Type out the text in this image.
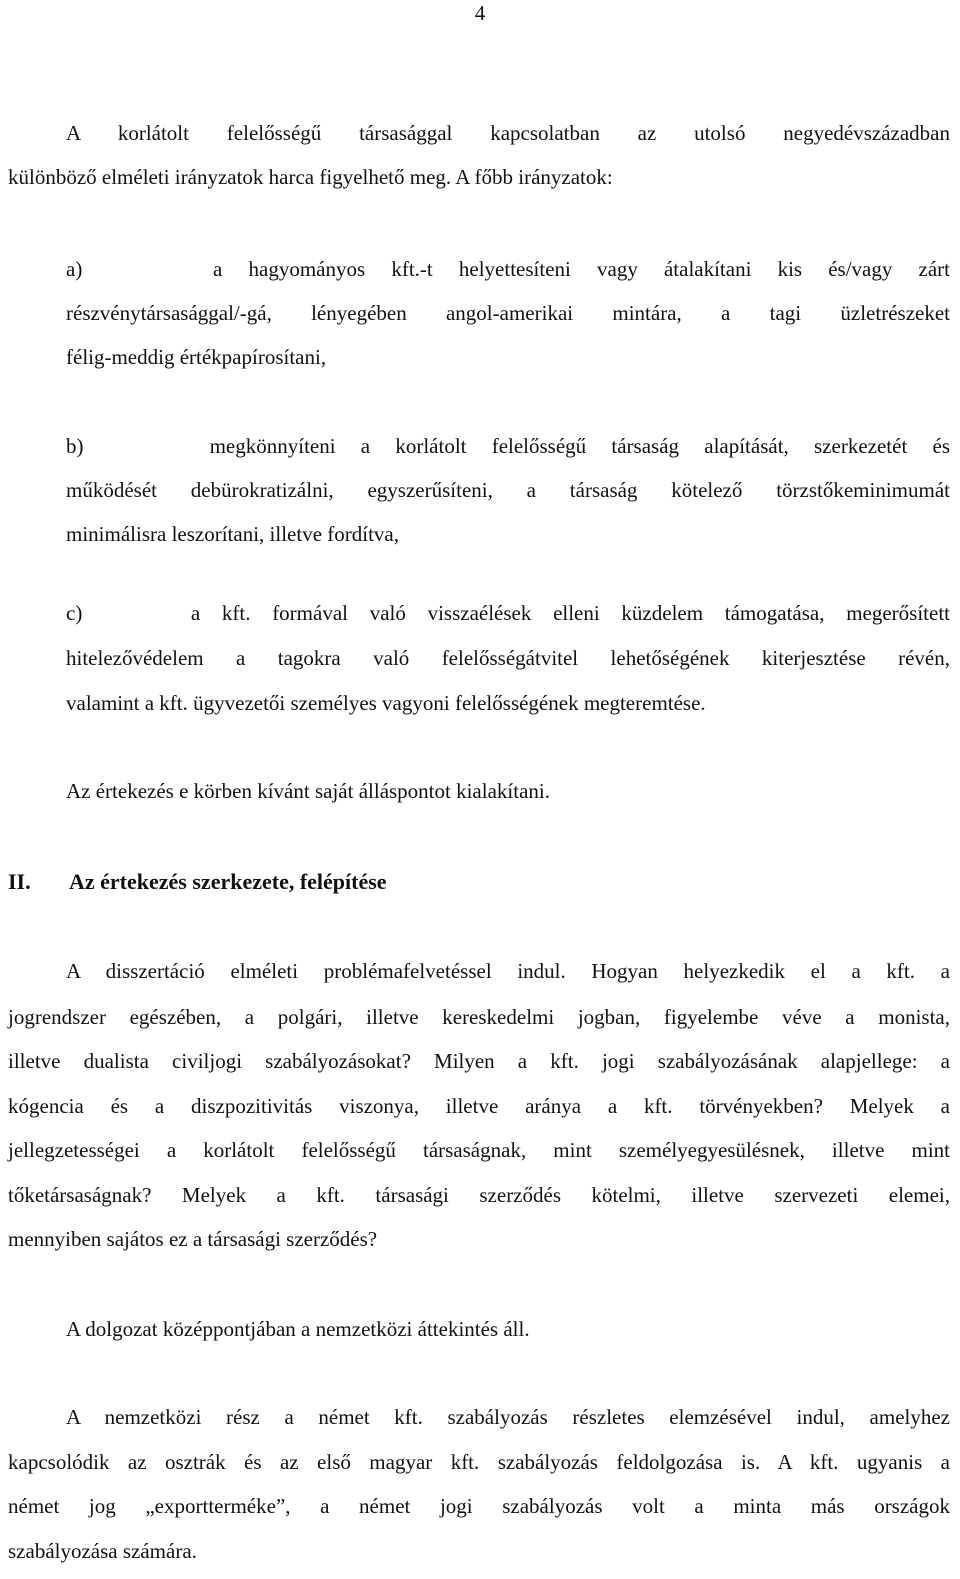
4

A korlátolt felelősségű társasággal kapcsolatban az utolsó negyedévszázadban

különböző elméleti irányzatok harca figyelhető meg. A főbb irányzatok:

a)     a hagyományos kft.-t helyettesíteni vagy átalakítani kis és/vagy zárt

részvénytársasággal/-gá, lényegében angol-amerikai mintára, a tagi üzletrészeket

félig-meddig értékpapírosítani,

b)     megkönnyíteni a korlátolt felelősségű társaság alapítását, szerkezetét és

működését debürokratizálni, egyszerűsíteni, a társaság kötelező törzstőkeminimumát

minimálisra leszorítani, illetve fordítva,

c)     a kft. formával való visszaélések elleni küzdelem támogatása, megerősített

hitelezővédelem a tagokra való felelősségátvitel lehetőségének kiterjesztése révén,

valamint a kft. ügyvezetői személyes vagyoni felelősségének megteremtése.

Az értekezés e körben kívánt saját álláspontot kialakítani.

II. Az értekezés szerkezete, felépítése

A disszertáció elméleti problémafelvetéssel indul. Hogyan helyezkedik el a kft. a

jogrendszer egészében, a polgári, illetve kereskedelmi jogban, figyelembe véve a monista,

illetve dualista civiljogi szabályozásokat? Milyen a kft. jogi szabályozásának alapjellege: a

kógencia és a diszpozitivitás viszonya, illetve aránya a kft. törvényekben? Melyek a

jellegzetességei a korlátolt felelősségű társaságnak, mint személyegyesülésnek, illetve mint

tőketársaságnak? Melyek a kft. társasági szerződés kötelmi, illetve szervezeti elemei,

mennyiben sajátos ez a társasági szerződés?

A dolgozat középpontjában a nemzetközi áttekintés áll.

A nemzetközi rész a német kft. szabályozás részletes elemzésével indul, amelyhez

kapcsolódik az osztrák és az első magyar kft. szabályozás feldolgozása is. A kft. ugyanis a

német jog „exportterméke”, a német jogi szabályozás volt a minta más országok

szabályozása számára.
